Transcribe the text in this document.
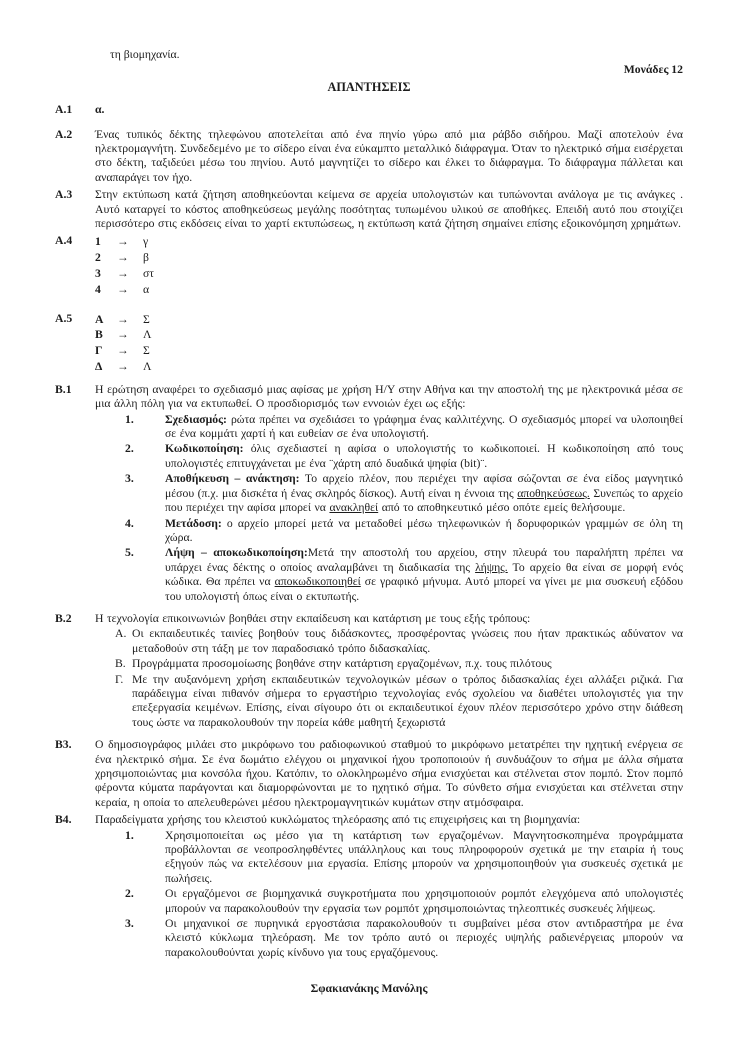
τη βιομηχανία.
Μονάδες 12
ΑΠΑΝΤΗΣΕΙΣ
Α.1	α.
Α.2	Ένας τυπικός δέκτης τηλεφώνου αποτελείται από ένα πηνίο γύρω από μια ράβδο σιδήρου. Μαζί αποτελούν ένα ηλεκτρομαγνήτη. Συνδεδεμένο με το σίδερο είναι ένα εύκαμπτο μεταλλικό διάφραγμα. Όταν το ηλεκτρικό σήμα εισέρχεται στο δέκτη, ταξιδεύει μέσω του πηνίου. Αυτό μαγνητίζει το σίδερο και έλκει το διάφραγμα. Το διάφραγμα πάλλεται και αναπαράγει τον ήχο.
Α.3	Στην εκτύπωση κατά ζήτηση αποθηκεύονται κείμενα σε αρχεία υπολογιστών και τυπώνονται ανάλογα με τις ανάγκες . Αυτό καταργεί το κόστος αποθηκεύσεως μεγάλης ποσότητας τυπωμένου υλικού σε αποθήκες. Επειδή αυτό που στοιχίζει περισσότερο στις εκδόσεις είναι το χαρτί εκτυπώσεως, η εκτύπωση κατά ζήτηση σημαίνει επίσης εξοικονόμηση χρημάτων.
Α.4	1	→	γ
2	→	β
3	→	στ
4	→	α
Α.5	Α	→	Σ
Β	→	Λ
Γ	→	Σ
Δ	→	Λ
Β.1	Η ερώτηση αναφέρει το σχεδιασμό μιας αφίσας με χρήση Η/Υ στην Αθήνα και την αποστολή της με ηλεκτρονικά μέσα σε μια άλλη πόλη για να εκτυπωθεί. Ο προσδιορισμός των εννοιών έχει ως εξής:
1.	Σχεδιασμός: ρώτα πρέπει να σχεδιάσει το γράφημα ένας καλλιτέχνης. Ο σχεδιασμός μπορεί να υλοποιηθεί σε ένα κομμάτι χαρτί ή και ευθείαν σε ένα υπολογιστή.
2.	Κωδικοποίηση: όλις σχεδιαστεί η αφίσα ο υπολογιστής το κωδικοποιεί. Η κωδικοποίηση από τους υπολογιστές επιτυγχάνεται με ένα ¨χάρτη από δυαδικά ψηφία (bit)¨.
3.	Αποθήκευση – ανάκτηση: Το αρχείο πλέον, που περιέχει την αφίσα σώζονται σε ένα είδος μαγνητικό μέσου (π.χ. μια δισκέτα ή ένας σκληρός δίσκος). Αυτή είναι η έννοια της αποθηκεύσεως. Συνεπώς το αρχείο που περιέχει την αφίσα μπορεί να ανακληθεί από το αποθηκευτικό μέσο οπότε εμείς θελήσουμε.
4.	Μετάδοση: ο αρχείο μπορεί μετά να μεταδοθεί μέσω τηλεφωνικών ή δορυφορικών γραμμών σε όλη τη χώρα.
5.	Λήψη – αποκωδικοποίηση:Μετά την αποστολή του αρχείου, στην πλευρά του παραλήπτη πρέπει να υπάρχει ένας δέκτης ο οποίος αναλαμβάνει τη διαδικασία της λήψης. Το αρχείο θα είναι σε μορφή ενός κώδικα. Θα πρέπει να αποκωδικοποιηθεί σε γραφικό μήνυμα. Αυτό μπορεί να γίνει με μια συσκευή εξόδου του υπολογιστή όπως είναι ο εκτυπωτής.
Β.2	Η τεχνολογία επικοινωνιών βοηθάει στην εκπαίδευση και κατάρτιση με τους εξής τρόπους:
Α. Οι εκπαιδευτικές ταινίες βοηθούν τους διδάσκοντες, προσφέροντας γνώσεις που ήταν πρακτικώς αδύνατον να μεταδοθούν στη τάξη με τον παραδοσιακό τρόπο διδασκαλίας.
Β. Προγράμματα προσομοίωσης βοηθάνε στην κατάρτιση εργαζομένων, π.χ. τους πιλότους
Γ. Με την αυξανόμενη χρήση εκπαιδευτικών τεχνολογικών μέσων ο τρόπος διδασκαλίας έχει αλλάξει ριζικά. Για παράδειγμα είναι πιθανόν σήμερα το εργαστήριο τεχνολογίας ενός σχολείου να διαθέτει υπολογιστές για την επεξεργασία κειμένων. Επίσης, είναι σίγουρο ότι οι εκπαιδευτικοί έχουν πλέον περισσότερο χρόνο στην διάθεση τους ώστε να παρακολουθούν την πορεία κάθε μαθητή ξεχωριστά
Β3.	Ο δημοσιογράφος μιλάει στο μικρόφωνο του ραδιοφωνικού σταθμού το μικρόφωνο μετατρέπει την ηχητική ενέργεια σε ένα ηλεκτρικό σήμα. Σε ένα δωμάτιο ελέγχου οι μηχανικοί ήχου τροποποιούν ή συνδυάζουν το σήμα με άλλα σήματα χρησιμοποιώντας μια κονσόλα ήχου. Κατόπιν, το ολοκληρωμένο σήμα ενισχύεται και στέλνεται στον πομπό. Στον πομπό φέροντα κύματα παράγονται και διαμορφώνονται με το ηχητικό σήμα. Το σύνθετο σήμα ενισχύεται και στέλνεται στην κεραία, η οποία το απελευθερώνει μέσου ηλεκτρομαγνητικών κυμάτων στην ατμόσφαιρα.
Β4.	Παραδείγματα χρήσης του κλειστού κυκλώματος τηλεόρασης από τις επιχειρήσεις και τη βιομηχανία:
1.	Χρησιμοποιείται ως μέσο για τη κατάρτιση των εργαζομένων. Μαγνητοσκοπημένα προγράμματα προβάλλονται σε νεοπροσληφθέντες υπάλληλους και τους πληροφορούν σχετικά με την εταιρία ή τους εξηγούν πώς να εκτελέσουν μια εργασία. Επίσης μπορούν να χρησιμοποιηθούν για συσκευές σχετικά με πωλήσεις.
2.	Οι εργαζόμενοι σε βιομηχανικά συγκροτήματα που χρησιμοποιούν ρομπότ ελεγχόμενα από υπολογιστές μπορούν να παρακολουθούν την εργασία των ρομπότ χρησιμοποιώντας τηλεοπτικές συσκευές λήψεως.
3.	Οι μηχανικοί σε πυρηνικά εργοστάσια παρακολουθούν τι συμβαίνει μέσα στον αντιδραστήρα με ένα κλειστό κύκλωμα τηλεόραση. Με τον τρόπο αυτό οι περιοχές υψηλής ραδιενέργειας μπορούν να παρακολουθούνται χωρίς κίνδυνο για τους εργαζόμενους.
Σφακιανάκης Μανόλης
